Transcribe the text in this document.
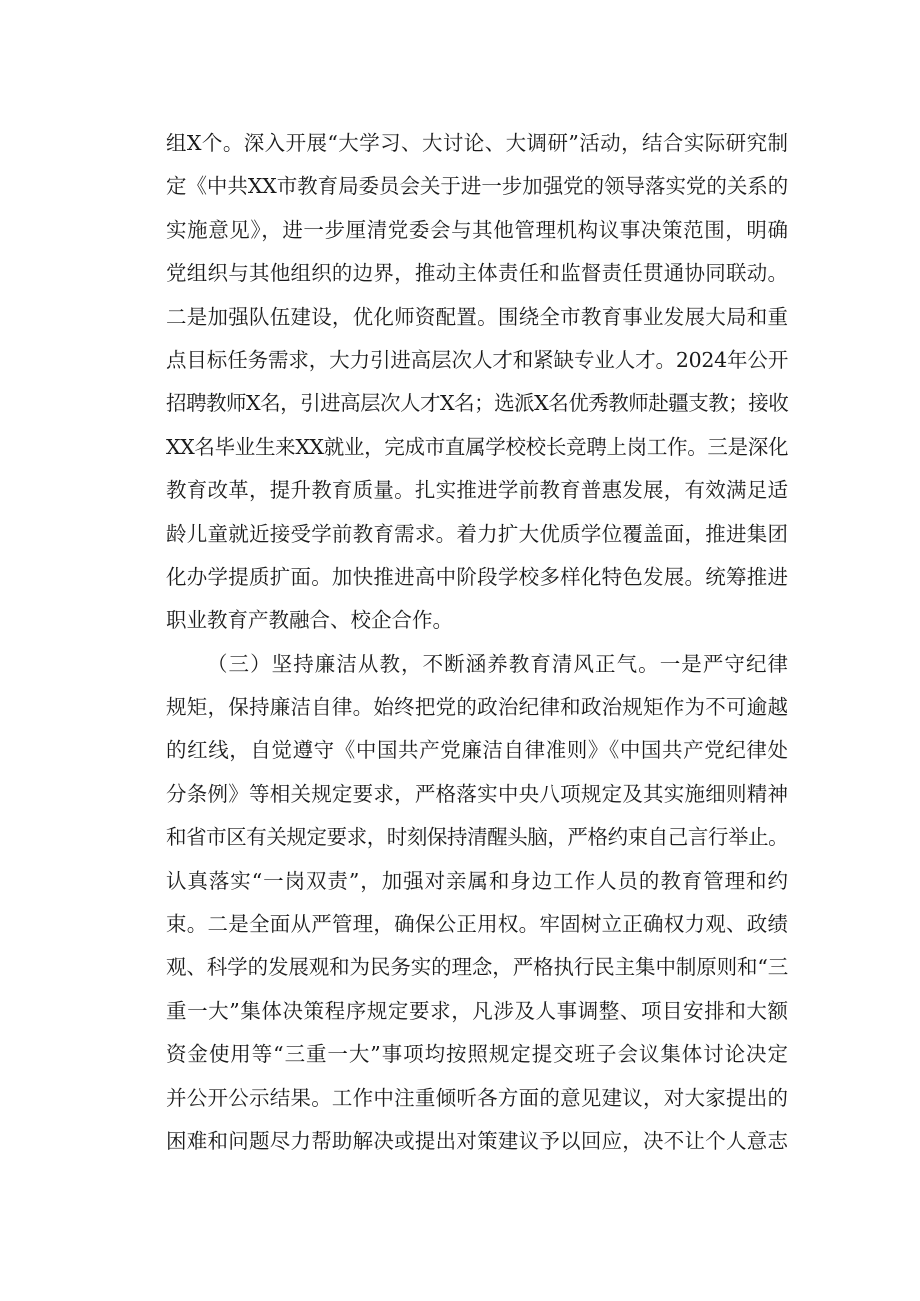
组X个。深入开展“大学习、大讨论、大调研”活动，结合实际研究制
定《中共XX市教育局委员会关于进一步加强党的领导落实党的关系的
实施意见》，进一步厘清党委会与其他管理机构议事决策范围，明确
党组织与其他组织的边界，推动主体责任和监督责任贯通协同联动。
二是加强队伍建设，优化师资配置。围绕全市教育事业发展大局和重
点目标任务需求，大力引进高层次人才和紧缺专业人才。2024年公开
招聘教师X名，引进高层次人才X名；选派X名优秀教师赴疆支教；接收
XX名毕业生来XX就业，完成市直属学校校长竞聘上岗工作。三是深化
教育改革，提升教育质量。扎实推进学前教育普惠发展，有效满足适
龄儿童就近接受学前教育需求。着力扩大优质学位覆盖面，推进集团
化办学提质扩面。加快推进高中阶段学校多样化特色发展。统筹推进
职业教育产教融合、校企合作。
（三）坚持廉洁从教，不断涵养教育清风正气。一是严守纪律
规矩，保持廉洁自律。始终把党的政治纪律和政治规矩作为不可逾越
的红线，自觉遵守《中国共产党廉洁自律准则》《中国共产党纪律处
分条例》等相关规定要求，严格落实中央八项规定及其实施细则精神
和省市区有关规定要求，时刻保持清醒头脑，严格约束自己言行举止。
认真落实“一岗双责”，加强对亲属和身边工作人员的教育管理和约
束。二是全面从严管理，确保公正用权。牢固树立正确权力观、政绩
观、科学的发展观和为民务实的理念，严格执行民主集中制原则和“三
重一大”集体决策程序规定要求，凡涉及人事调整、项目安排和大额
资金使用等“三重一大”事项均按照规定提交班子会议集体讨论决定
并公开公示结果。工作中注重倾听各方面的意见建议，对大家提出的
困难和问题尽力帮助解决或提出对策建议予以回应，决不让个人意志
